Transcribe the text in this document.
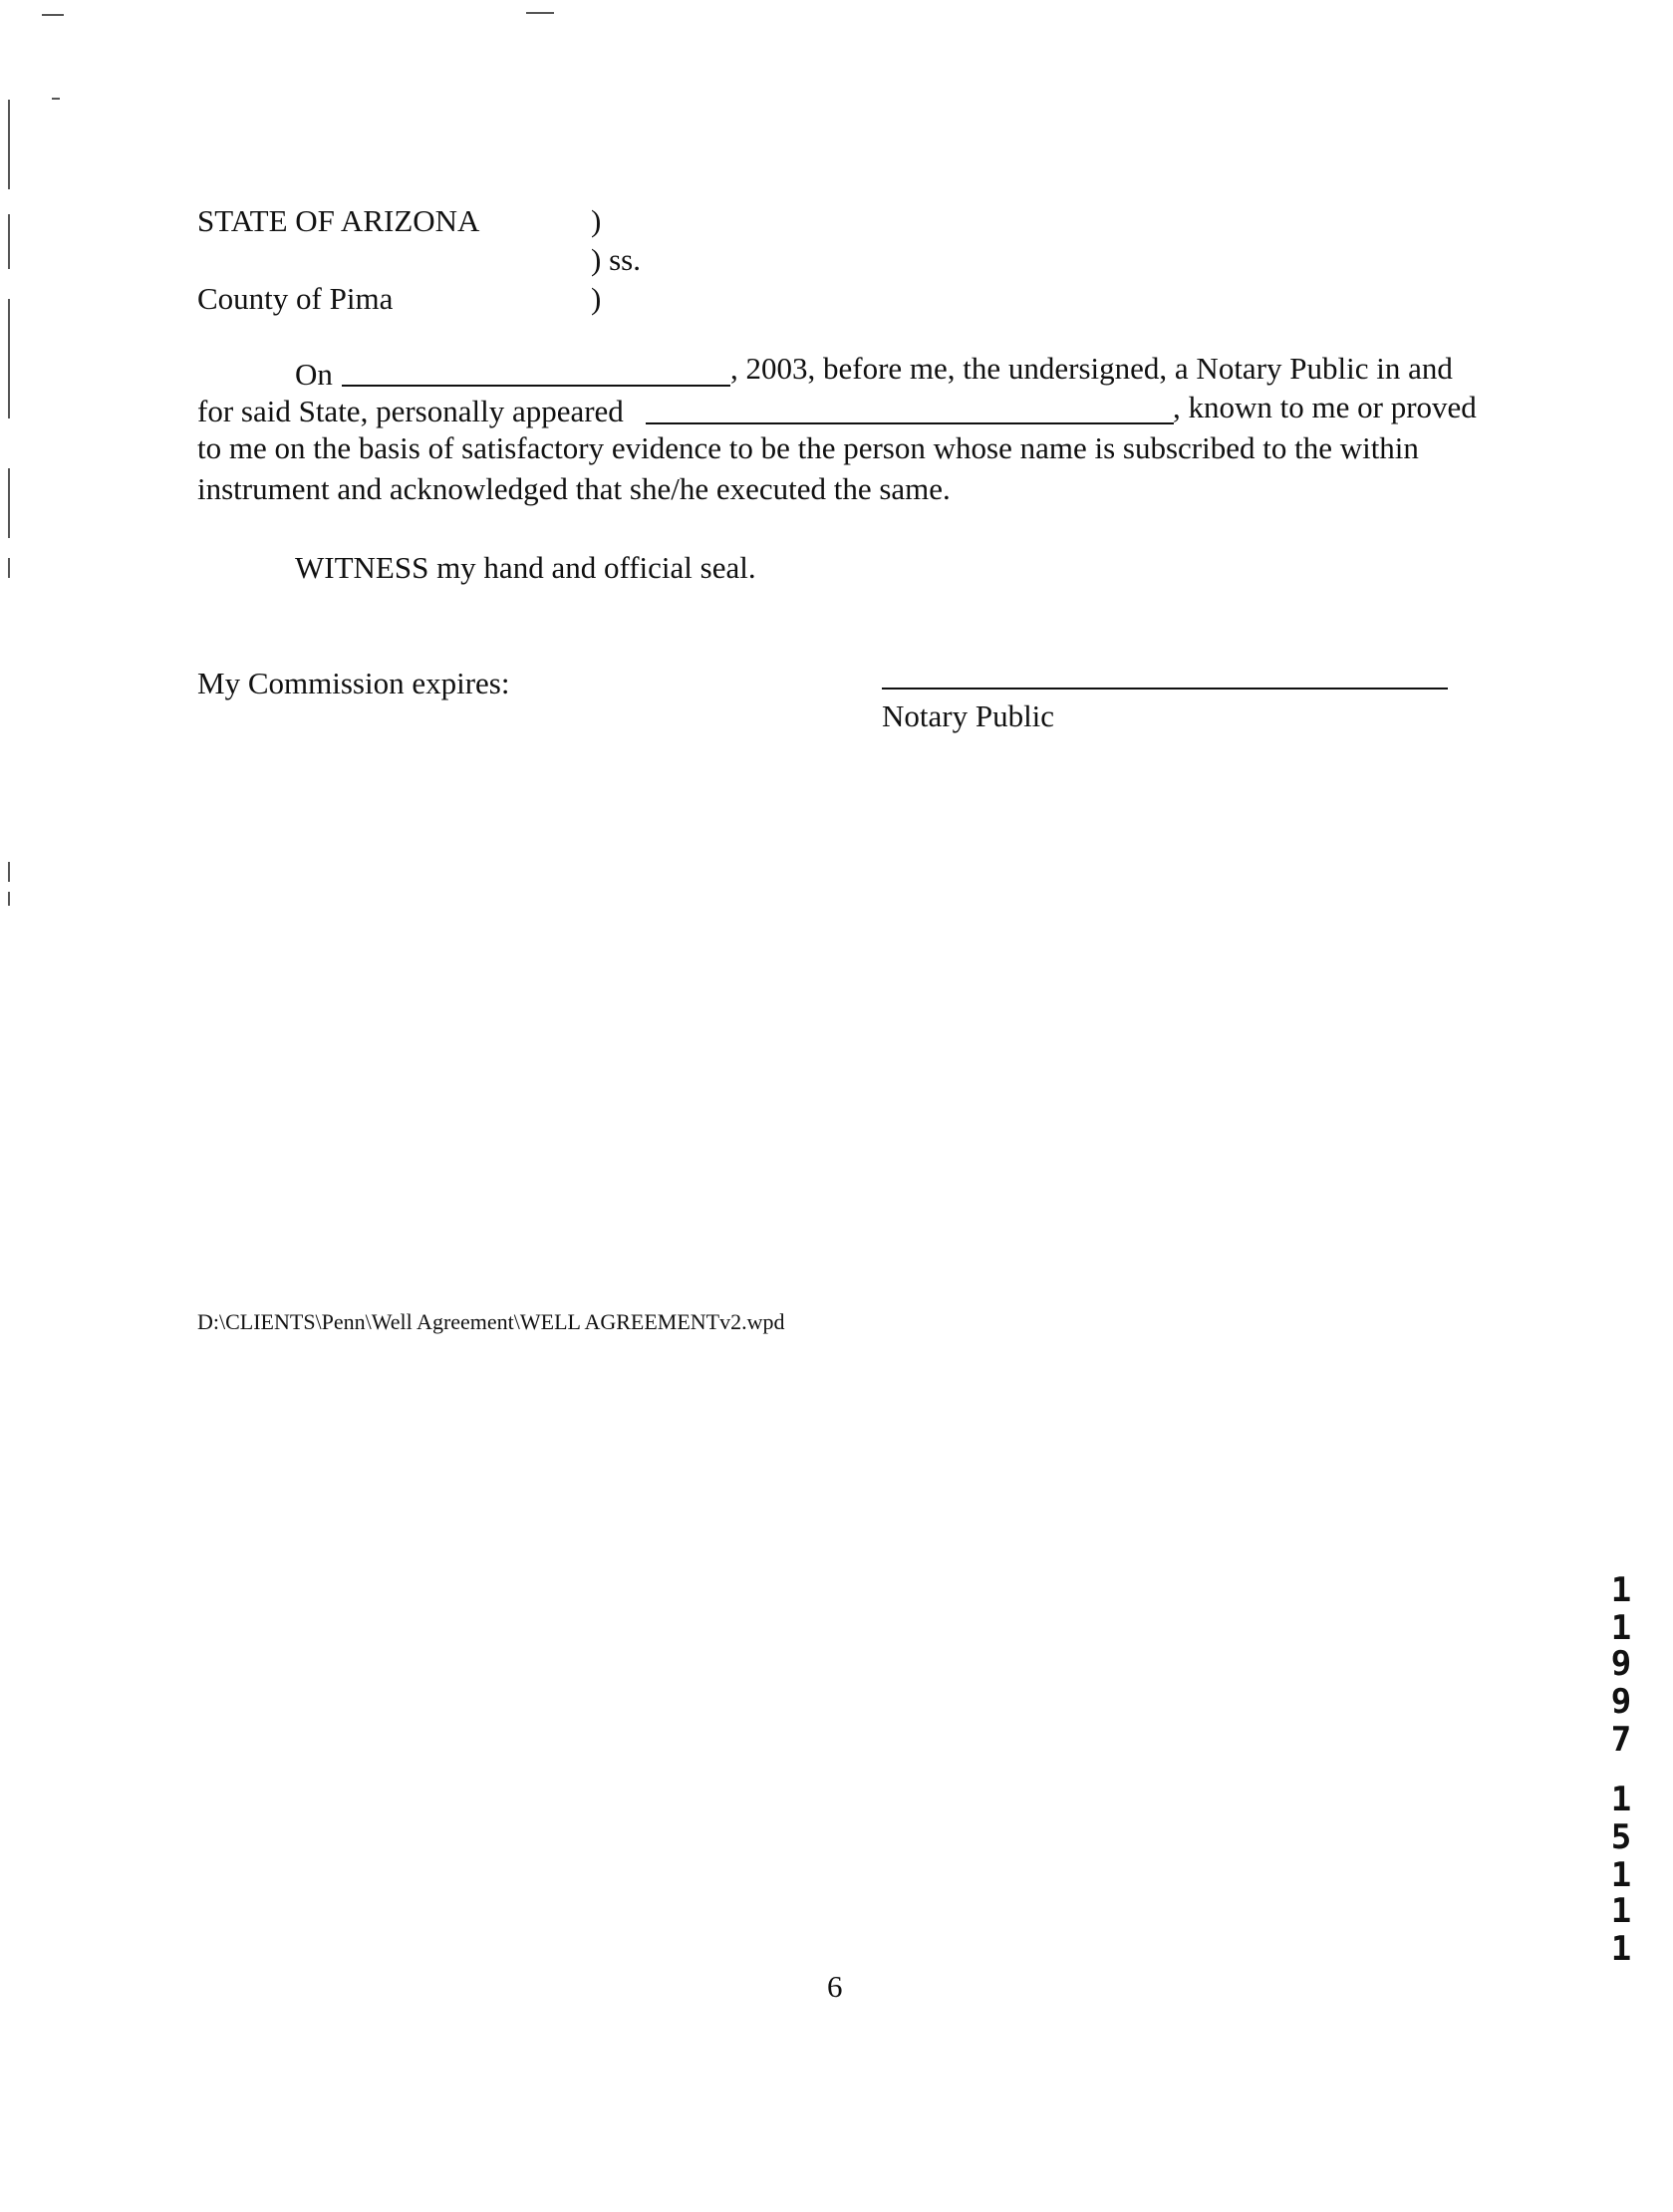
STATE OF ARIZONA	)
) ss.
County of Pima	)
On	, 2003, before me, the undersigned, a Notary Public in and
for said State, personally appeared	, known to me or proved
to me on the basis of satisfactory evidence to be the person whose name is subscribed to the within
instrument and acknowledged that she/he executed the same.
WITNESS my hand and official seal.
My Commission expires:
Notary Public
D:\CLIENTS\Penn\Well Agreement\WELL AGREEMENTv2.wpd
1
1
9
9
7
1
5
1
1
1
6
